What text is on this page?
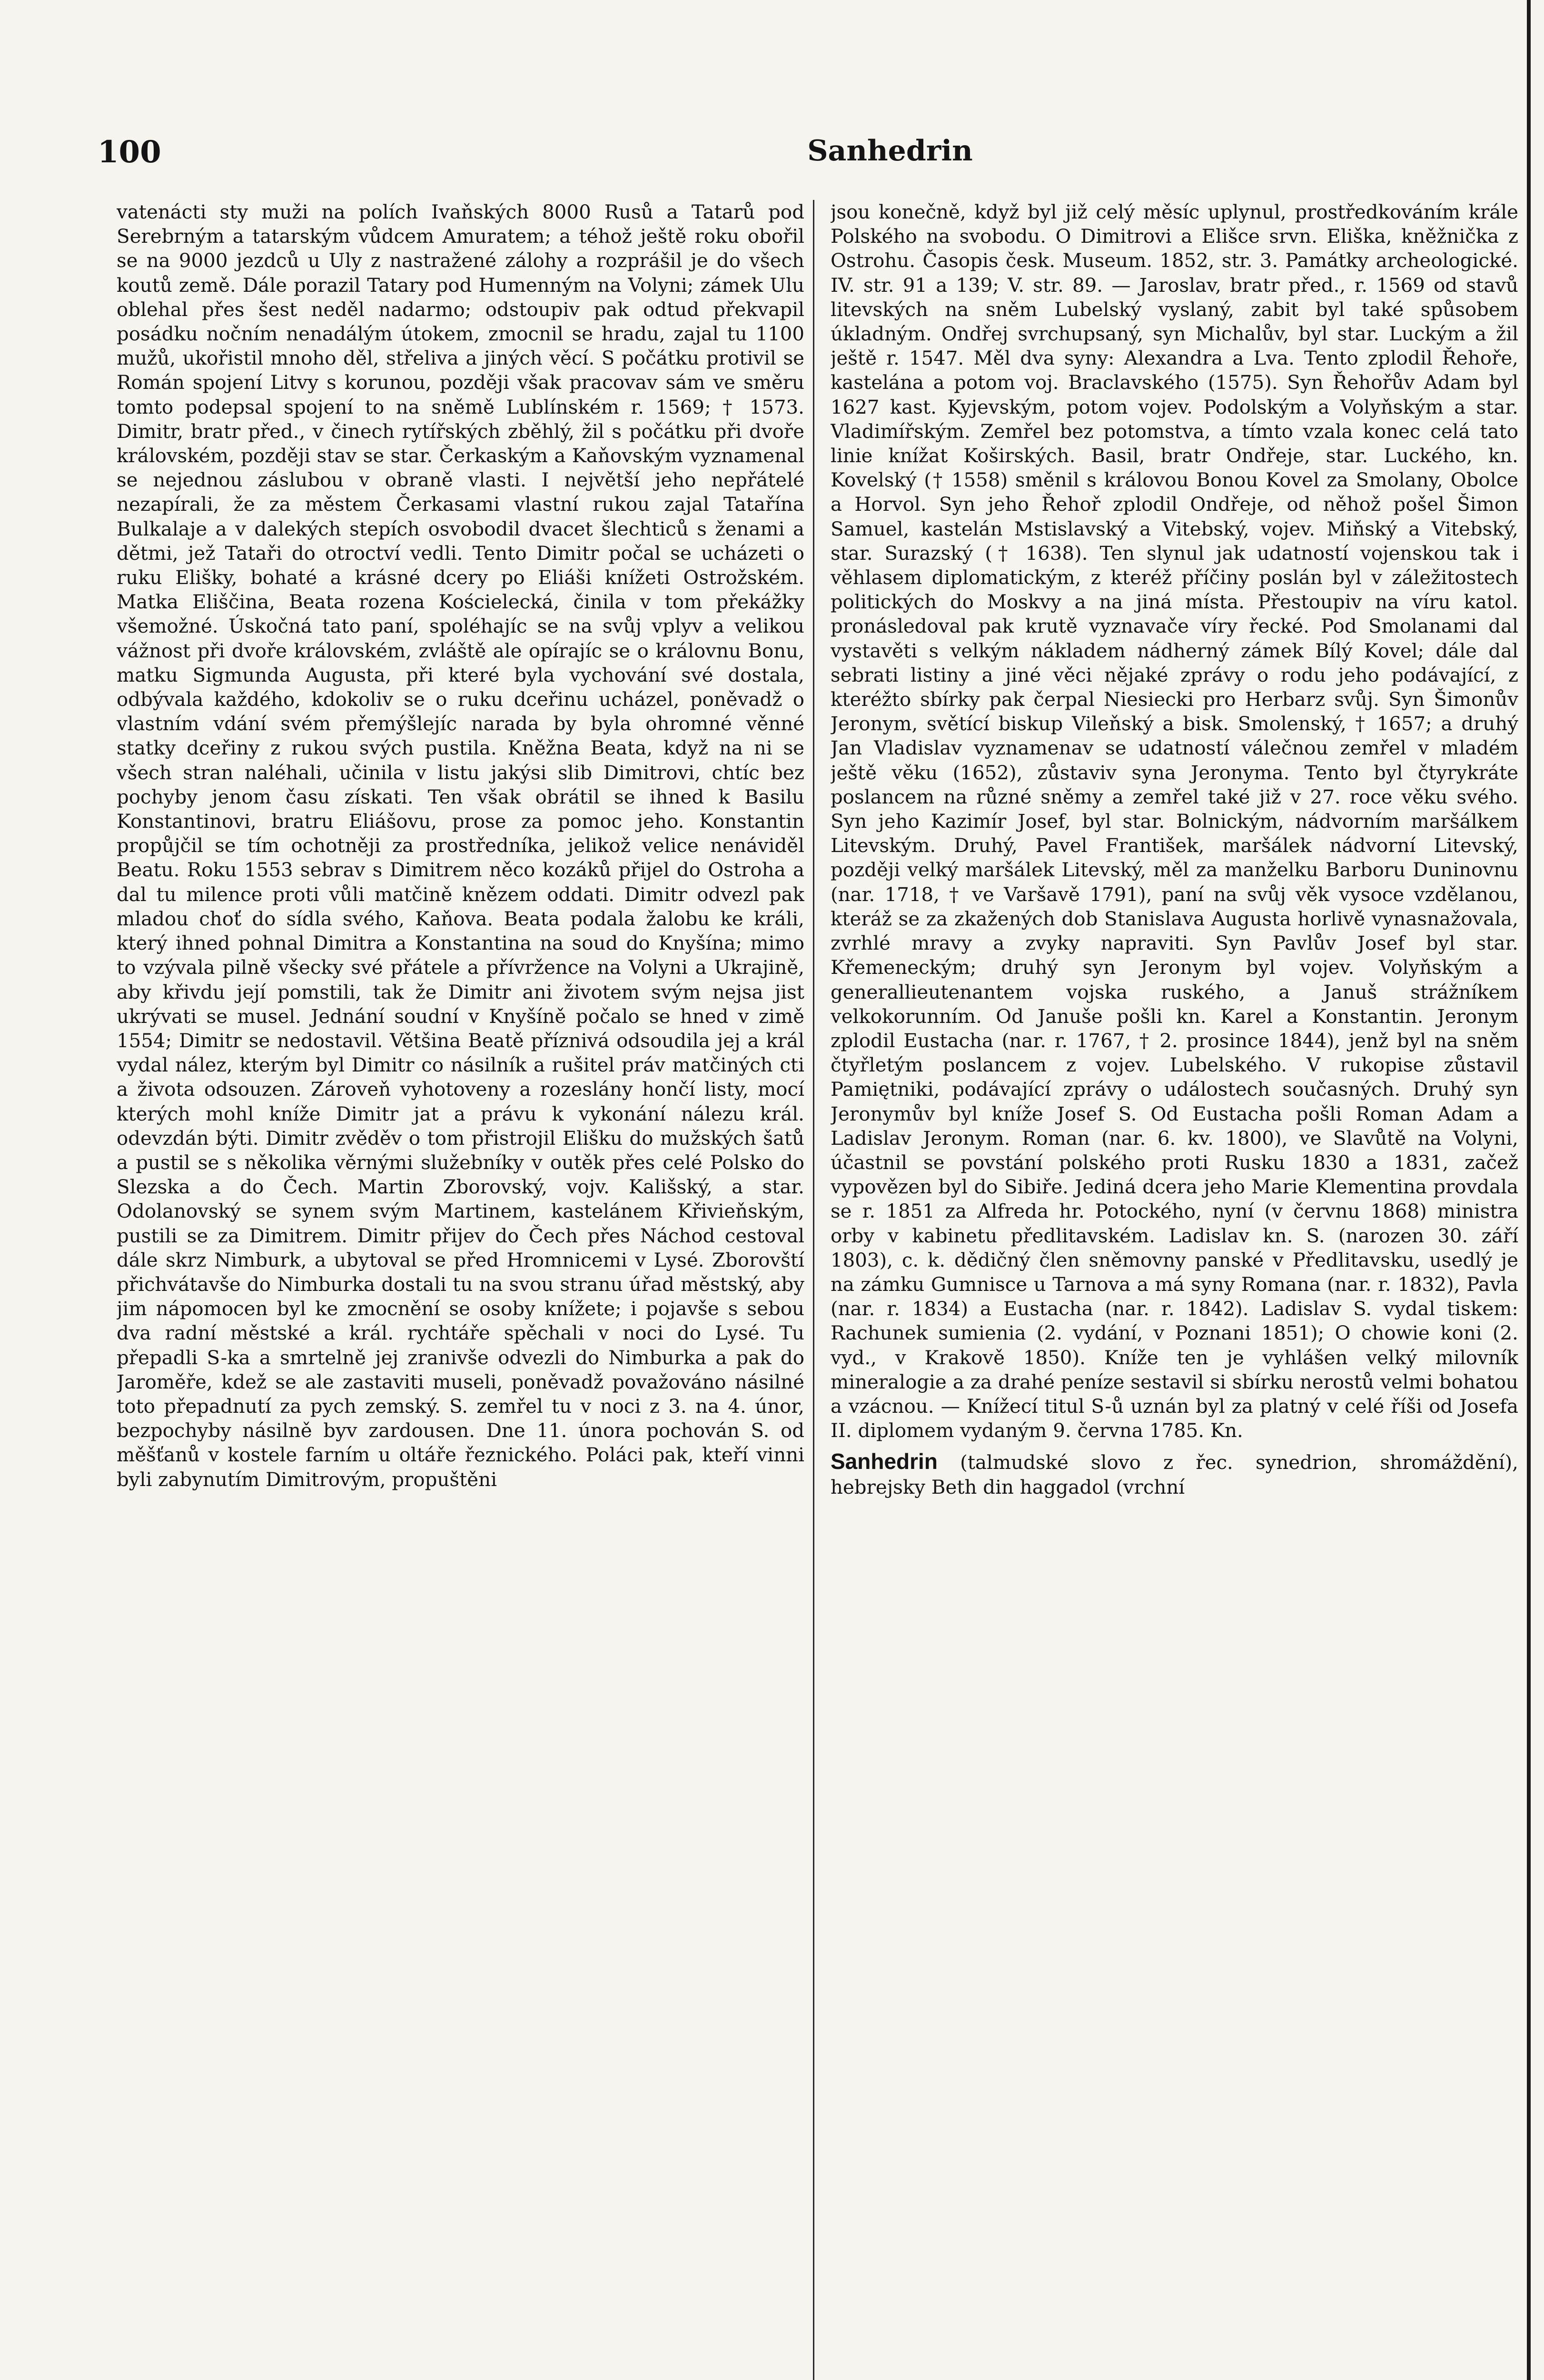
100	Sanhedrin

vatenácti sty muži na polích Ivaňských 8000 Rusů a Tatarů pod Serebrným a tatarským vůdcem Amuratem; a téhož ještě roku obořil se na 9000 jezdců u Uly z nastražené zálohy a rozprášil je do všech koutů země. Dále porazil Tatary pod Humenným na Volyni; zámek Ulu oblehal přes šest neděl nadarmo; odstoupiv pak odtud překvapil posádku nočním nenadálým útokem, zmocnil se hradu, zajal tu 1100 mužů, ukořistil mnoho děl, střeliva a jiných věcí. S počátku protivil se Román spojení Litvy s korunou, později však pracovav sám ve směru tomto podepsal spojení to na sněmě Lublínském r. 1569; † 1573. Dimitr, bratr před., v činech rytířských zběhlý, žil s počátku při dvoře královském, později stav se star. Čerkaským a Kaňovským vyznamenal se nejednou záslubou v obraně vlasti. I největší jeho nepřátelé nezapírali, že za městem Čerkasami vlastní rukou zajal Tatařína Bulkalaje a v dalekých stepích osvobodil dvacet šlechticů s ženami a dětmi, jež Tataři do otroctví vedli. Tento Dimitr počal se ucházeti o ruku Elišky, bohaté a krásné dcery po Eliáši knížeti Ostrožském. Matka Eliščina, Beata rozena Kościelecká, činila v tom překážky všemožné. Úskočná tato paní, spoléhajíc se na svůj vplyv a velikou vážnost při dvoře královském, zvláště ale opírajíc se o královnu Bonu, matku Sigmunda Augusta, při které byla vychování své dostala, odbývala každého, kdokoliv se o ruku dceřinu ucházel, poněvadž o vlastním vdání svém přemýšlejíc narada by byla ohromné věnné statky dceřiny z rukou svých pustila. Kněžna Beata, když na ni se všech stran naléhali, učinila v listu jakýsi slib Dimitrovi, chtíc bez pochyby jenom času získati. Ten však obrátil se ihned k Basilu Konstantinovi, bratru Eliášovu, prose za pomoc jeho. Konstantin propůjčil se tím ochotněji za prostředníka, jelikož velice nenáviděl Beatu. Roku 1553 sebrav s Dimitrem něco kozáků přijel do Ostroha a dal tu milence proti vůli matčině knězem oddati. Dimitr odvezl pak mladou choť do sídla svého, Kaňova. Beata podala žalobu ke králi, který ihned pohnal Dimitra a Konstantina na soud do Knyšína; mimo to vzývala pilně všecky své přátele a přívržence na Volyni a Ukrajině, aby křivdu její pomstili, tak že Dimitr ani životem svým nejsa jist ukrývati se musel. Jednání soudní v Knyšíně počalo se hned v zimě 1554; Dimitr se nedostavil. Většina Beatě příznivá odsoudila jej a král vydal nález, kterým byl Dimitr co násilník a rušitel práv matčiných cti a života odsouzen. Zároveň vyhotoveny a rozeslány hončí listy, mocí kterých mohl kníže Dimitr jat a právu k vykonání nálezu král. odevzdán býti. Dimitr zvěděv o tom přistrojil Elišku do mužských šatů a pustil se s několika věrnými služebníky v outěk přes celé Polsko do Slezska a do Čech. Martin Zborovský, vojv. Kališský, a star. Odolanovský se synem svým Martinem, kastelánem Křivieňským, pustili se za Dimitrem. Dimitr přijev do Čech přes Náchod cestoval dále skrz Nimburk, a ubytoval se před Hromnicemi v Lysé. Zborovští přichvátavše do Nimburka dostali tu na svou stranu úřad městský, aby jim nápomocen byl ke zmocnění se osoby knížete; i pojavše s sebou dva radní městské a král. rychtáře spěchali v noci do Lysé. Tu přepadli S-ka a smrtelně jej zranivše odvezli do Nimburka a pak do Jaroměře, kdež se ale zastaviti museli, poněvadž považováno násilné toto přepadnutí za pych zemský. S. zemřel tu v noci z 3. na 4. únor, bezpochyby násilně byv zardousen. Dne 11. února pochován S. od měšťanů v kostele farním u oltáře řeznického. Poláci pak, kteří vinni byli zabynutím Dimitrovým, propuštěni

jsou konečně, když byl již celý měsíc uplynul, prostředkováním krále Polského na svobodu. O Dimitrovi a Elišce srvn. Eliška, kněžnička z Ostrohu. Časopis česk. Museum. 1852, str. 3. Památky archeologické. IV. str. 91 a 139; V. str. 89. — Jaroslav, bratr před., r. 1569 od stavů litevských na sněm Lubelský vyslaný, zabit byl také spůsobem úkladným. Ondřej svrchupsaný, syn Michalův, byl star. Luckým a žil ještě r. 1547. Měl dva syny: Alexandra a Lva. Tento zplodil Řehoře, kastelána a potom voj. Braclavského (1575). Syn Řehořův Adam byl 1627 kast. Kyjevským, potom vojev. Podolským a Volyňským a star. Vladimířským. Zemřel bez potomstva, a tímto vzala konec celá tato linie knížat Koširských. Basil, bratr Ondřeje, star. Luckého, kn. Kovelský († 1558) směnil s královou Bonou Kovel za Smolany, Obolce a Horvol. Syn jeho Řehoř zplodil Ondřeje, od něhož pošel Šimon Samuel, kastelán Mstislavský a Vitebský, vojev. Miňský a Vitebský, star. Surazský († 1638). Ten slynul jak udatností vojenskou tak i věhlasem diplomatickým, z kteréž příčiny poslán byl v záležitostech politických do Moskvy a na jiná místa. Přestoupiv na víru katol. pronásledoval pak krutě vyznavače víry řecké. Pod Smolanami dal vystavěti s velkým nákladem nádherný zámek Bílý Kovel; dále dal sebrati listiny a jiné věci nějaké zprávy o rodu jeho podávající, z kteréžto sbírky pak čerpal Niesiecki pro Herbarz svůj. Syn Šimonův Jeronym, světící biskup Vileňský a bisk. Smolenský, † 1657; a druhý Jan Vladislav vyznamenav se udatností válečnou zemřel v mladém ještě věku (1652), zůstaviv syna Jeronyma. Tento byl čtyrykráte poslancem na různé sněmy a zemřel také již v 27. roce věku svého. Syn jeho Kazimír Josef, byl star. Bolnickým, nádvorním maršálkem Litevským. Druhý, Pavel František, maršálek nádvorní Litevský, později velký maršálek Litevský, měl za manželku Barboru Duninovnu (nar. 1718, † ve Varšavě 1791), paní na svůj věk vysoce vzdělanou, kteráž se za zkažených dob Stanislava Augusta horlivě vynasnažovala, zvrhlé mravy a zvyky napraviti. Syn Pavlův Josef byl star. Křemeneckým; druhý syn Jeronym byl vojev. Volyňským a generallieutenantem vojska ruského, a Januš strážníkem velkokorunním. Od Januše pošli kn. Karel a Konstantin. Jeronym zplodil Eustacha (nar. r. 1767, † 2. prosince 1844), jenž byl na sněm čtyřletým poslancem z vojev. Lubelského. V rukopise zůstavil Pamiętniki, podávající zprávy o událostech současných. Druhý syn Jeronymův byl kníže Josef S. Od Eustacha pošli Roman Adam a Ladislav Jeronym. Roman (nar. 6. kv. 1800), ve Slavůtě na Volyni, účastnil se povstání polského proti Rusku 1830 a 1831, začež vypovězen byl do Sibiře. Jediná dcera jeho Marie Klementina provdala se r. 1851 za Alfreda hr. Potockého, nyní (v červnu 1868) ministra orby v kabinetu předlitavském. Ladislav kn. S. (narozen 30. září 1803), c. k. dědičný člen sněmovny panské v Předlitavsku, usedlý je na zámku Gumnisce u Tarnova a má syny Romana (nar. r. 1832), Pavla (nar. r. 1834) a Eustacha (nar. r. 1842). Ladislav S. vydal tiskem: Rachunek sumienia (2. vydání, v Poznani 1851); O chowie koni (2. vyd., v Krakově 1850). Kníže ten je vyhlášen velký milovník mineralogie a za drahé peníze sestavil si sbírku nerostů velmi bohatou a vzácnou. — Knížecí titul S-ů uznán byl za platný v celé říši od Josefa II. diplomem vydaným 9. června 1785. Kn.

Sanhedrin (talmudské slovo z řec. synedrion, shromáždění), hebrejsky Beth din haggadol (vrchní
